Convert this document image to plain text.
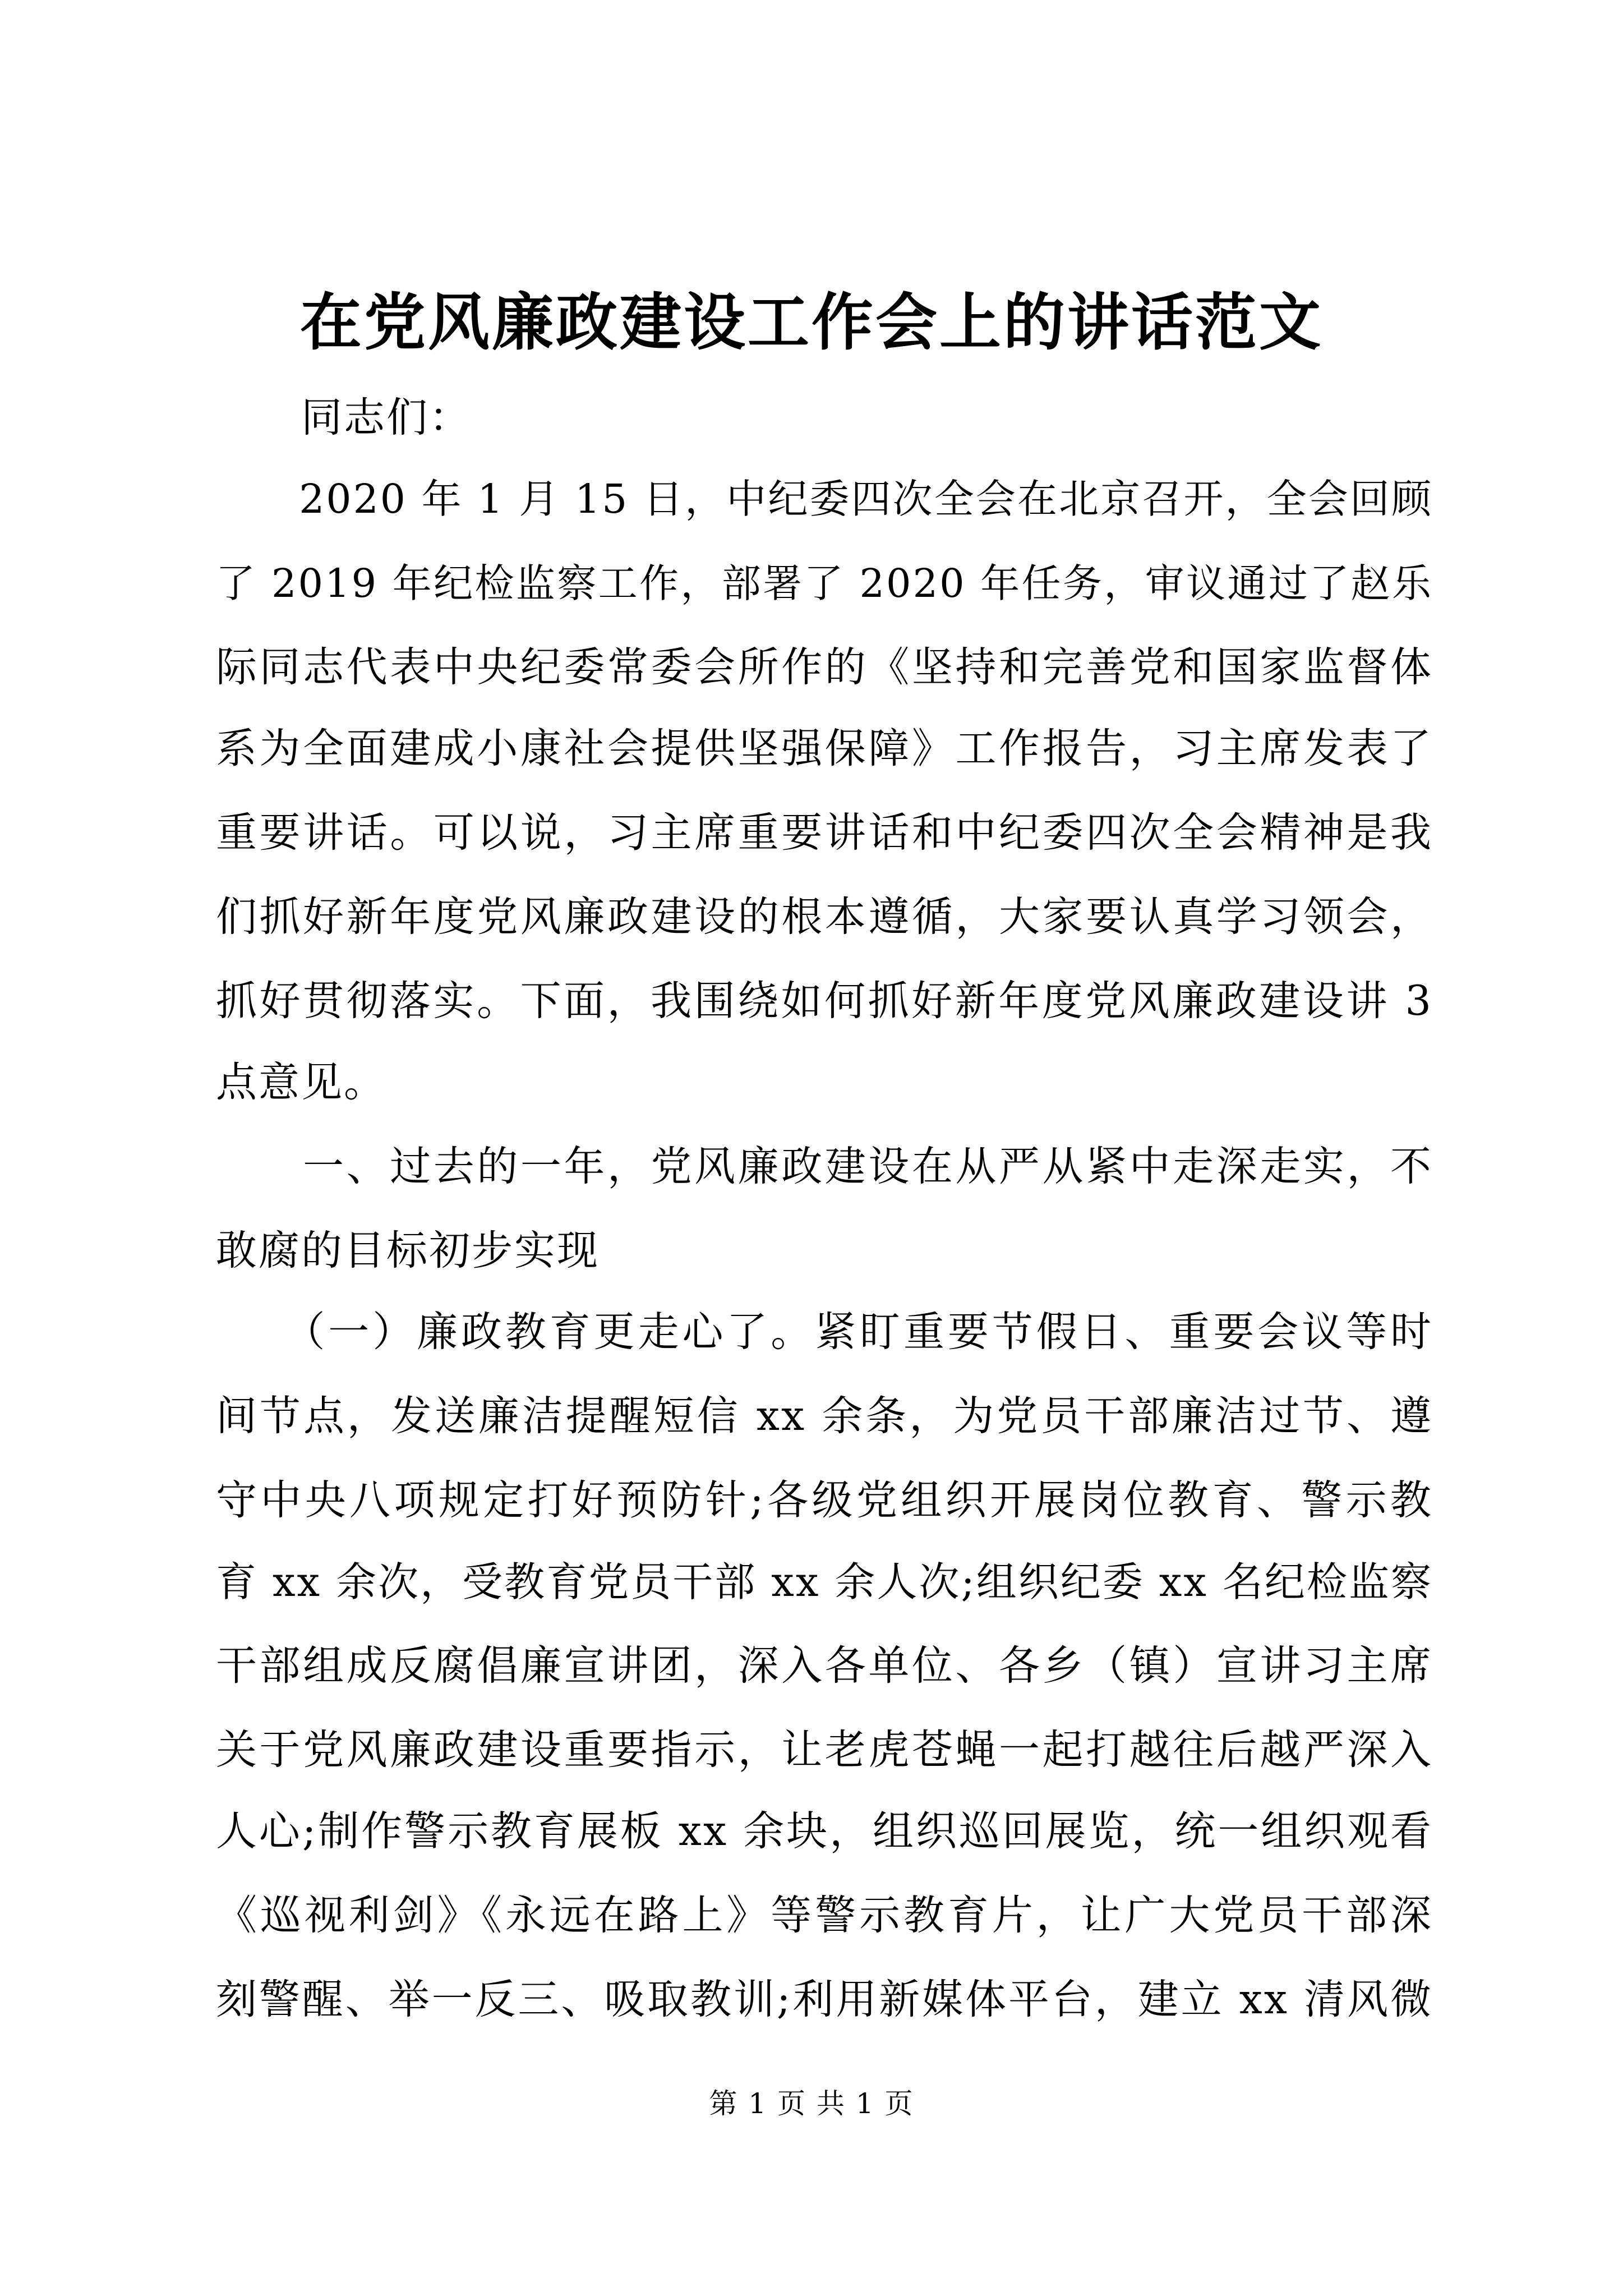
在党风廉政建设工作会上的讲话范文
　　同志们：
　　2020 年 1 月 15 日，中纪委四次全会在北京召开，全会回顾
了 2019 年纪检监察工作，部署了 2020 年任务，审议通过了赵乐
际同志代表中央纪委常委会所作的《坚持和完善党和国家监督体
系为全面建成小康社会提供坚强保障》工作报告，习主席发表了
重要讲话。可以说，习主席重要讲话和中纪委四次全会精神是我
们抓好新年度党风廉政建设的根本遵循，大家要认真学习领会，
抓好贯彻落实。下面，我围绕如何抓好新年度党风廉政建设讲 3
点意见。
　　一、过去的一年，党风廉政建设在从严从紧中走深走实，不
敢腐的目标初步实现
　　（一）廉政教育更走心了。紧盯重要节假日、重要会议等时
间节点，发送廉洁提醒短信 xx 余条，为党员干部廉洁过节、遵
守中央八项规定打好预防针;各级党组织开展岗位教育、警示教
育 xx 余次，受教育党员干部 xx 余人次;组织纪委 xx 名纪检监察
干部组成反腐倡廉宣讲团，深入各单位、各乡（镇）宣讲习主席
关于党风廉政建设重要指示，让老虎苍蝇一起打越往后越严深入
人心;制作警示教育展板 xx 余块，组织巡回展览，统一组织观看
《巡视利剑》《永远在路上》等警示教育片，让广大党员干部深
刻警醒、举一反三、吸取教训;利用新媒体平台，建立 xx 清风微
第 1 页 共 1 页
